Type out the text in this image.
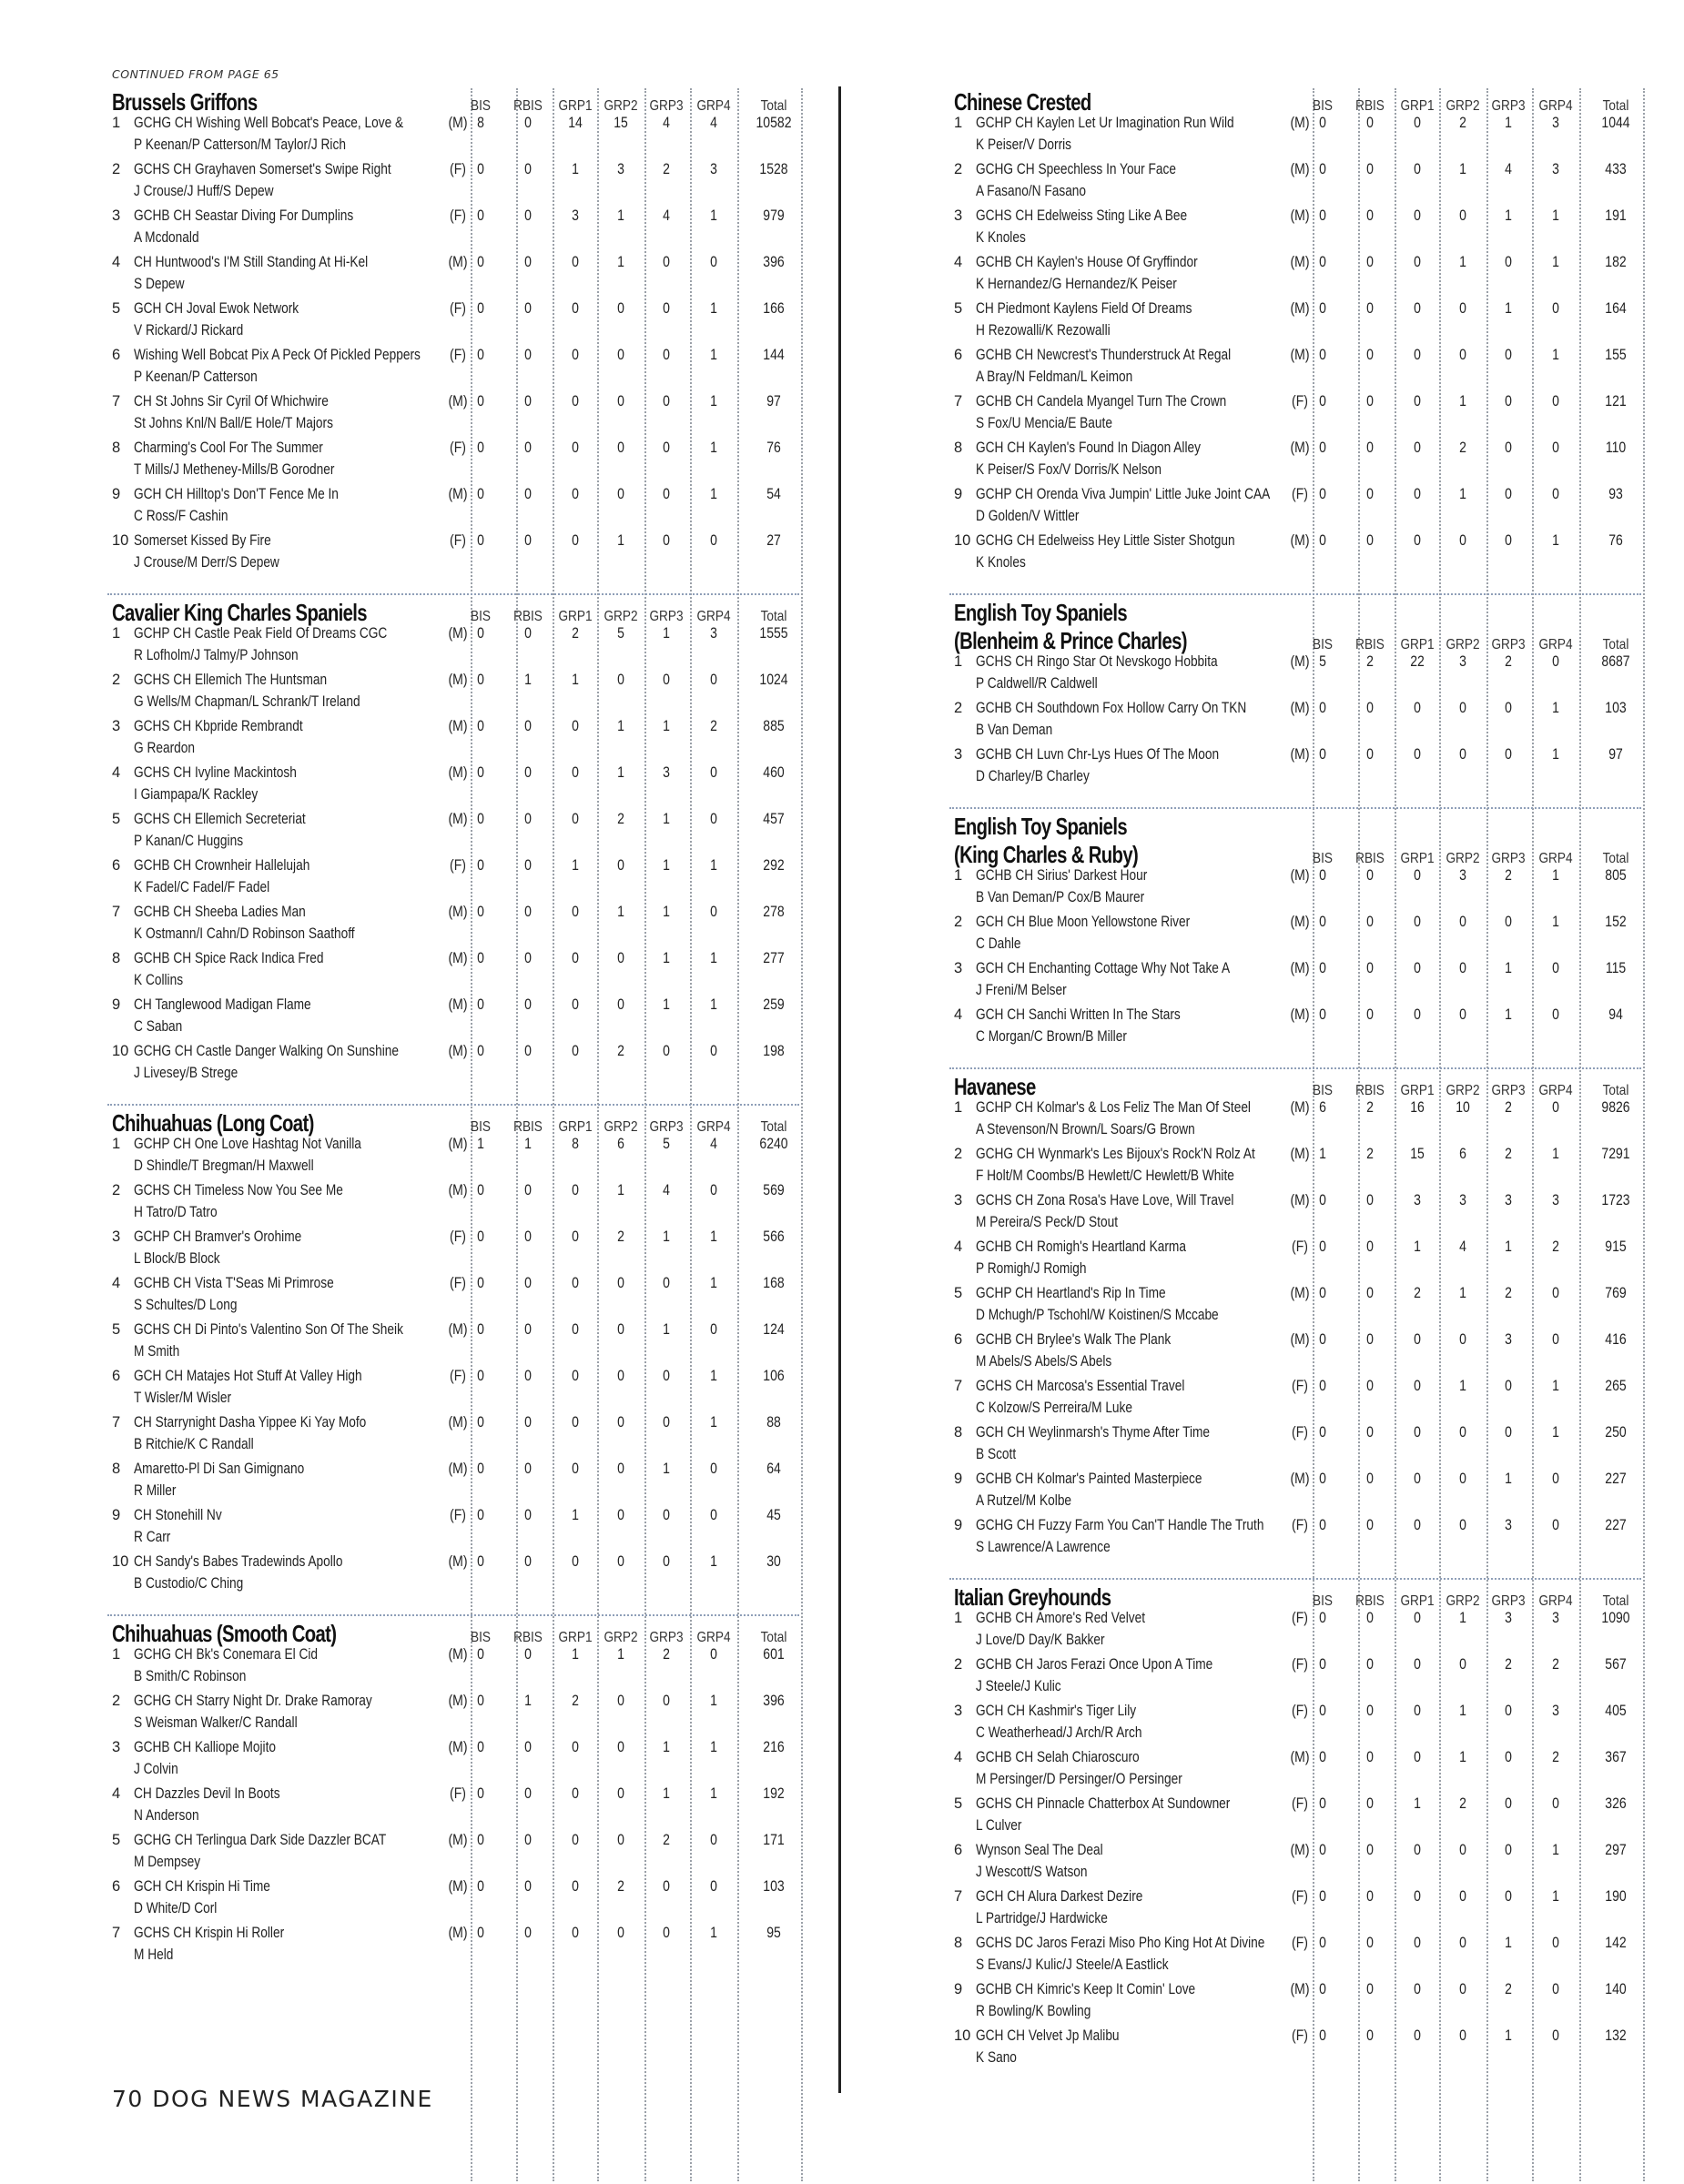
CONTINUED FROM PAGE 65
Brussels Griffons	BIS	RBIS	GRP1 GRP2 GRP3 GRP4	Total
1 GCHG CH Wishing Well Bobcat's Peace, Love &
P Keenan/P Catterson/M Taylor/J Rich
(M) 8	0	14	15	4	4	10582
2 GCHS CH Grayhaven Somerset's Swipe Right
J Crouse/J Huff/S Depew
(F) 0	0	1	3	2	3	1528
3 GCHB CH Seastar Diving For Dumplins
A Mcdonald
(F) 0	0	3	1	4	1	979
4 CH Huntwood's I'M Still Standing At Hi-Kel
S Depew
(M) 0	0	0	1	0	0	396
5 GCH CH Joval Ewok Network
V Rickard/J Rickard
(F) 0	0	0	0	0	1	166
6 Wishing Well Bobcat Pix A Peck Of Pickled Peppers
P Keenan/P Catterson
(F) 0	0	0	0	0	1	144
7 CH St Johns Sir Cyril Of Whichwire
St Johns Knl/N Ball/E Hole/T Majors
(M) 0	0	0	0	0	1	97
8 Charming's Cool For The Summer
T Mills/J Metheney-Mills/B Gorodner
(F) 0	0	0	0	0	1	76
9 GCH CH Hilltop's Don'T Fence Me In
C Ross/F Cashin
(M) 0	0	0	0	0	1	54
10 Somerset Kissed By Fire
J Crouse/M Derr/S Depew
(F) 0	0	0	1	0	0	27
Cavalier King Charles Spaniels	BIS	RBIS	GRP1 GRP2 GRP3 GRP4	Total
1 GCHP CH Castle Peak Field Of Dreams CGC
R Lofholm/J Talmy/P Johnson
(M) 0	0	2	5	1	3	1555
2 GCHS CH Ellemich The Huntsman
G Wells/M Chapman/L Schrank/T Ireland
(M) 0	1	1	0	0	0	1024
3 GCHS CH Kbpride Rembrandt
G Reardon
(M) 0	0	0	1	1	2	885
4 GCHS CH Ivyline Mackintosh
I Giampapa/K Rackley
(M) 0	0	0	1	3	0	460
5 GCHS CH Ellemich Secreteriat
P Kanan/C Huggins
(M) 0	0	0	2	1	0	457
6 GCHB CH Crownheir Hallelujah
K Fadel/C Fadel/F Fadel
(F) 0	0	1	0	1	1	292
7 GCHB CH Sheeba Ladies Man
K Ostmann/I Cahn/D Robinson Saathoff
(M) 0	0	0	1	1	0	278
8 GCHB CH Spice Rack Indica Fred
K Collins
(M) 0	0	0	0	1	1	277
9 CH Tanglewood Madigan Flame
C Saban
(M) 0	0	0	0	1	1	259
10 GCHG CH Castle Danger Walking On Sunshine
J Livesey/B Strege
(M) 0	0	0	2	0	0	198
Chihuahuas (Long Coat)	BIS	RBIS	GRP1 GRP2 GRP3 GRP4	Total
1 GCHP CH One Love Hashtag Not Vanilla
D Shindle/T Bregman/H Maxwell
(M) 1	1	8	6	5	4	6240
2 GCHS CH Timeless Now You See Me
H Tatro/D Tatro
(M) 0	0	0	1	4	0	569
3 GCHP CH Bramver's Orohime
L Block/B Block
(F) 0	0	0	2	1	1	566
4 GCHB CH Vista T'Seas Mi Primrose
S Schultes/D Long
(F) 0	0	0	0	0	1	168
5 GCHS CH Di Pinto's Valentino Son Of The Sheik
M Smith
(M) 0	0	0	0	1	0	124
6 GCH CH Matajes Hot Stuff At Valley High
T Wisler/M Wisler
(F) 0	0	0	0	0	1	106
7 CH Starrynight Dasha Yippee Ki Yay Mofo
B Ritchie/K C Randall
(M) 0	0	0	0	0	1	88
8 Amaretto-Pl Di San Gimignano
R Miller
(M) 0	0	0	0	1	0	64
9 CH Stonehill Nv
R Carr
(F) 0	0	1	0	0	0	45
10 CH Sandy's Babes Tradewinds Apollo
B Custodio/C Ching
(M) 0	0	0	0	0	1	30
Chihuahuas (Smooth Coat)	BIS	RBIS	GRP1 GRP2 GRP3 GRP4	Total
1 GCHG CH Bk's Conemara El Cid
B Smith/C Robinson
(M) 0	0	1	1	2	0	601
2 GCHG CH Starry Night Dr. Drake Ramoray
S Weisman Walker/C Randall
(M) 0	1	2	0	0	1	396
3 GCHB CH Kalliope Mojito
J Colvin
(M) 0	0	0	0	1	1	216
4 CH Dazzles Devil In Boots
N Anderson
(F) 0	0	0	0	1	1	192
5 GCHG CH Terlingua Dark Side Dazzler BCAT
M Dempsey
(M) 0	0	0	0	2	0	171
6 GCH CH Krispin Hi Time
D White/D Corl
(M) 0	0	0	2	0	0	103
7 GCHS CH Krispin Hi Roller
M Held
(M) 0	0	0	0	0	1	95
Chinese Crested	BIS	RBIS	GRP1 GRP2 GRP3 GRP4	Total
1 GCHP CH Kaylen Let Ur Imagination Run Wild
K Peiser/V Dorris
(M) 0	0	0	2	1	3	1044
2 GCHG CH Speechless In Your Face
A Fasano/N Fasano
(M) 0	0	0	1	4	3	433
3 GCHS CH Edelweiss Sting Like A Bee
K Knoles
(M) 0	0	0	0	1	1	191
4 GCHB CH Kaylen's House Of Gryffindor
K Hernandez/G Hernandez/K Peiser
(M) 0	0	0	1	0	1	182
5 CH Piedmont Kaylens Field Of Dreams
H Rezowalli/K Rezowalli
(M) 0	0	0	0	1	0	164
6 GCHB CH Newcrest's Thunderstruck At Regal
A Bray/N Feldman/L Keimon
(M) 0	0	0	0	0	1	155
7 GCHB CH Candela Myangel Turn The Crown
S Fox/U Mencia/E Baute
(F) 0	0	0	1	0	0	121
8 GCH CH Kaylen's Found In Diagon Alley
K Peiser/S Fox/V Dorris/K Nelson
(M) 0	0	0	2	0	0	110
9 GCHP CH Orenda Viva Jumpin' Little Juke Joint CAA
D Golden/V Wittler
(F) 0	0	0	1	0	0	93
10 GCHG CH Edelweiss Hey Little Sister Shotgun
K Knoles
(M) 0	0	0	0	0	1	76
English Toy Spaniels
(Blenheim & Prince Charles)	BIS	RBIS	GRP1 GRP2 GRP3 GRP4	Total
1 GCHS CH Ringo Star Ot Nevskogo Hobbita
P Caldwell/R Caldwell
(M) 5	2	22	3	2	0	8687
2 GCHB CH Southdown Fox Hollow Carry On TKN
B Van Deman
(M) 0	0	0	0	0	1	103
3 GCHB CH Luvn Chr-Lys Hues Of The Moon
D Charley/B Charley
(M) 0	0	0	0	0	1	97
English Toy Spaniels
(King Charles & Ruby)	BIS	RBIS	GRP1 GRP2 GRP3 GRP4	Total
1 GCHB CH Sirius' Darkest Hour
B Van Deman/P Cox/B Maurer
(M) 0	0	0	3	2	1	805
2 GCH CH Blue Moon Yellowstone River
C Dahle
(M) 0	0	0	0	0	1	152
3 GCH CH Enchanting Cottage Why Not Take A
J Freni/M Belser
(M) 0	0	0	0	1	0	115
4 GCH CH Sanchi Written In The Stars
C Morgan/C Brown/B Miller
(M) 0	0	0	0	1	0	94
Havanese	BIS	RBIS	GRP1 GRP2 GRP3 GRP4	Total
1 GCHP CH Kolmar's & Los Feliz The Man Of Steel
A Stevenson/N Brown/L Soars/G Brown
(M) 6	2	16	10	2	0	9826
2 GCHG CH Wynmark's Les Bijoux's Rock'N Rolz At
F Holt/M Coombs/B Hewlett/C Hewlett/B White
(M) 1	2	15	6	2	1	7291
3 GCHS CH Zona Rosa's Have Love, Will Travel
M Pereira/S Peck/D Stout
(M) 0	0	3	3	3	3	1723
4 GCHB CH Romigh's Heartland Karma
P Romigh/J Romigh
(F) 0	0	1	4	1	2	915
5 GCHP CH Heartland's Rip In Time
D Mchugh/P Tschohl/W Koistinen/S Mccabe
(M) 0	0	2	1	2	0	769
6 GCHB CH Brylee's Walk The Plank
M Abels/S Abels/S Abels
(M) 0	0	0	0	3	0	416
7 GCHS CH Marcosa's Essential Travel
C Kolzow/S Perreira/M Luke
(F) 0	0	0	1	0	1	265
8 GCH CH Weylinmarsh's Thyme After Time
B Scott
(F) 0	0	0	0	0	1	250
9 GCHB CH Kolmar's Painted Masterpiece
A Rutzel/M Kolbe
(M) 0	0	0	0	1	0	227
9 GCHG CH Fuzzy Farm You Can'T Handle The Truth
S Lawrence/A Lawrence
(F) 0	0	0	0	3	0	227
Italian Greyhounds	BIS	RBIS	GRP1 GRP2 GRP3 GRP4	Total
1 GCHB CH Amore's Red Velvet
J Love/D Day/K Bakker
(F) 0	0	0	1	3	3	1090
2 GCHB CH Jaros Ferazi Once Upon A Time
J Steele/J Kulic
(F) 0	0	0	0	2	2	567
3 GCH CH Kashmir's Tiger Lily
C Weatherhead/J Arch/R Arch
(F) 0	0	0	1	0	3	405
4 GCHB CH Selah Chiaroscuro
M Persinger/D Persinger/O Persinger
(M) 0	0	0	1	0	2	367
5 GCHS CH Pinnacle Chatterbox At Sundowner
L Culver
(F) 0	0	1	2	0	0	326
6 Wynson Seal The Deal
J Wescott/S Watson
(M) 0	0	0	0	0	1	297
7 GCH CH Alura Darkest Dezire
L Partridge/J Hardwicke
(F) 0	0	0	0	0	1	190
8 GCHS DC Jaros Ferazi Miso Pho King Hot At Divine
S Evans/J Kulic/J Steele/A Eastlick
(F) 0	0	0	0	1	0	142
9 GCHB CH Kimric's Keep It Comin' Love
R Bowling/K Bowling
(M) 0	0	0	0	2	0	140
10 GCH CH Velvet Jp Malibu
K Sano
(F) 0	0	0	0	1	0	132
70 DOG NEWS MAGAZINE
